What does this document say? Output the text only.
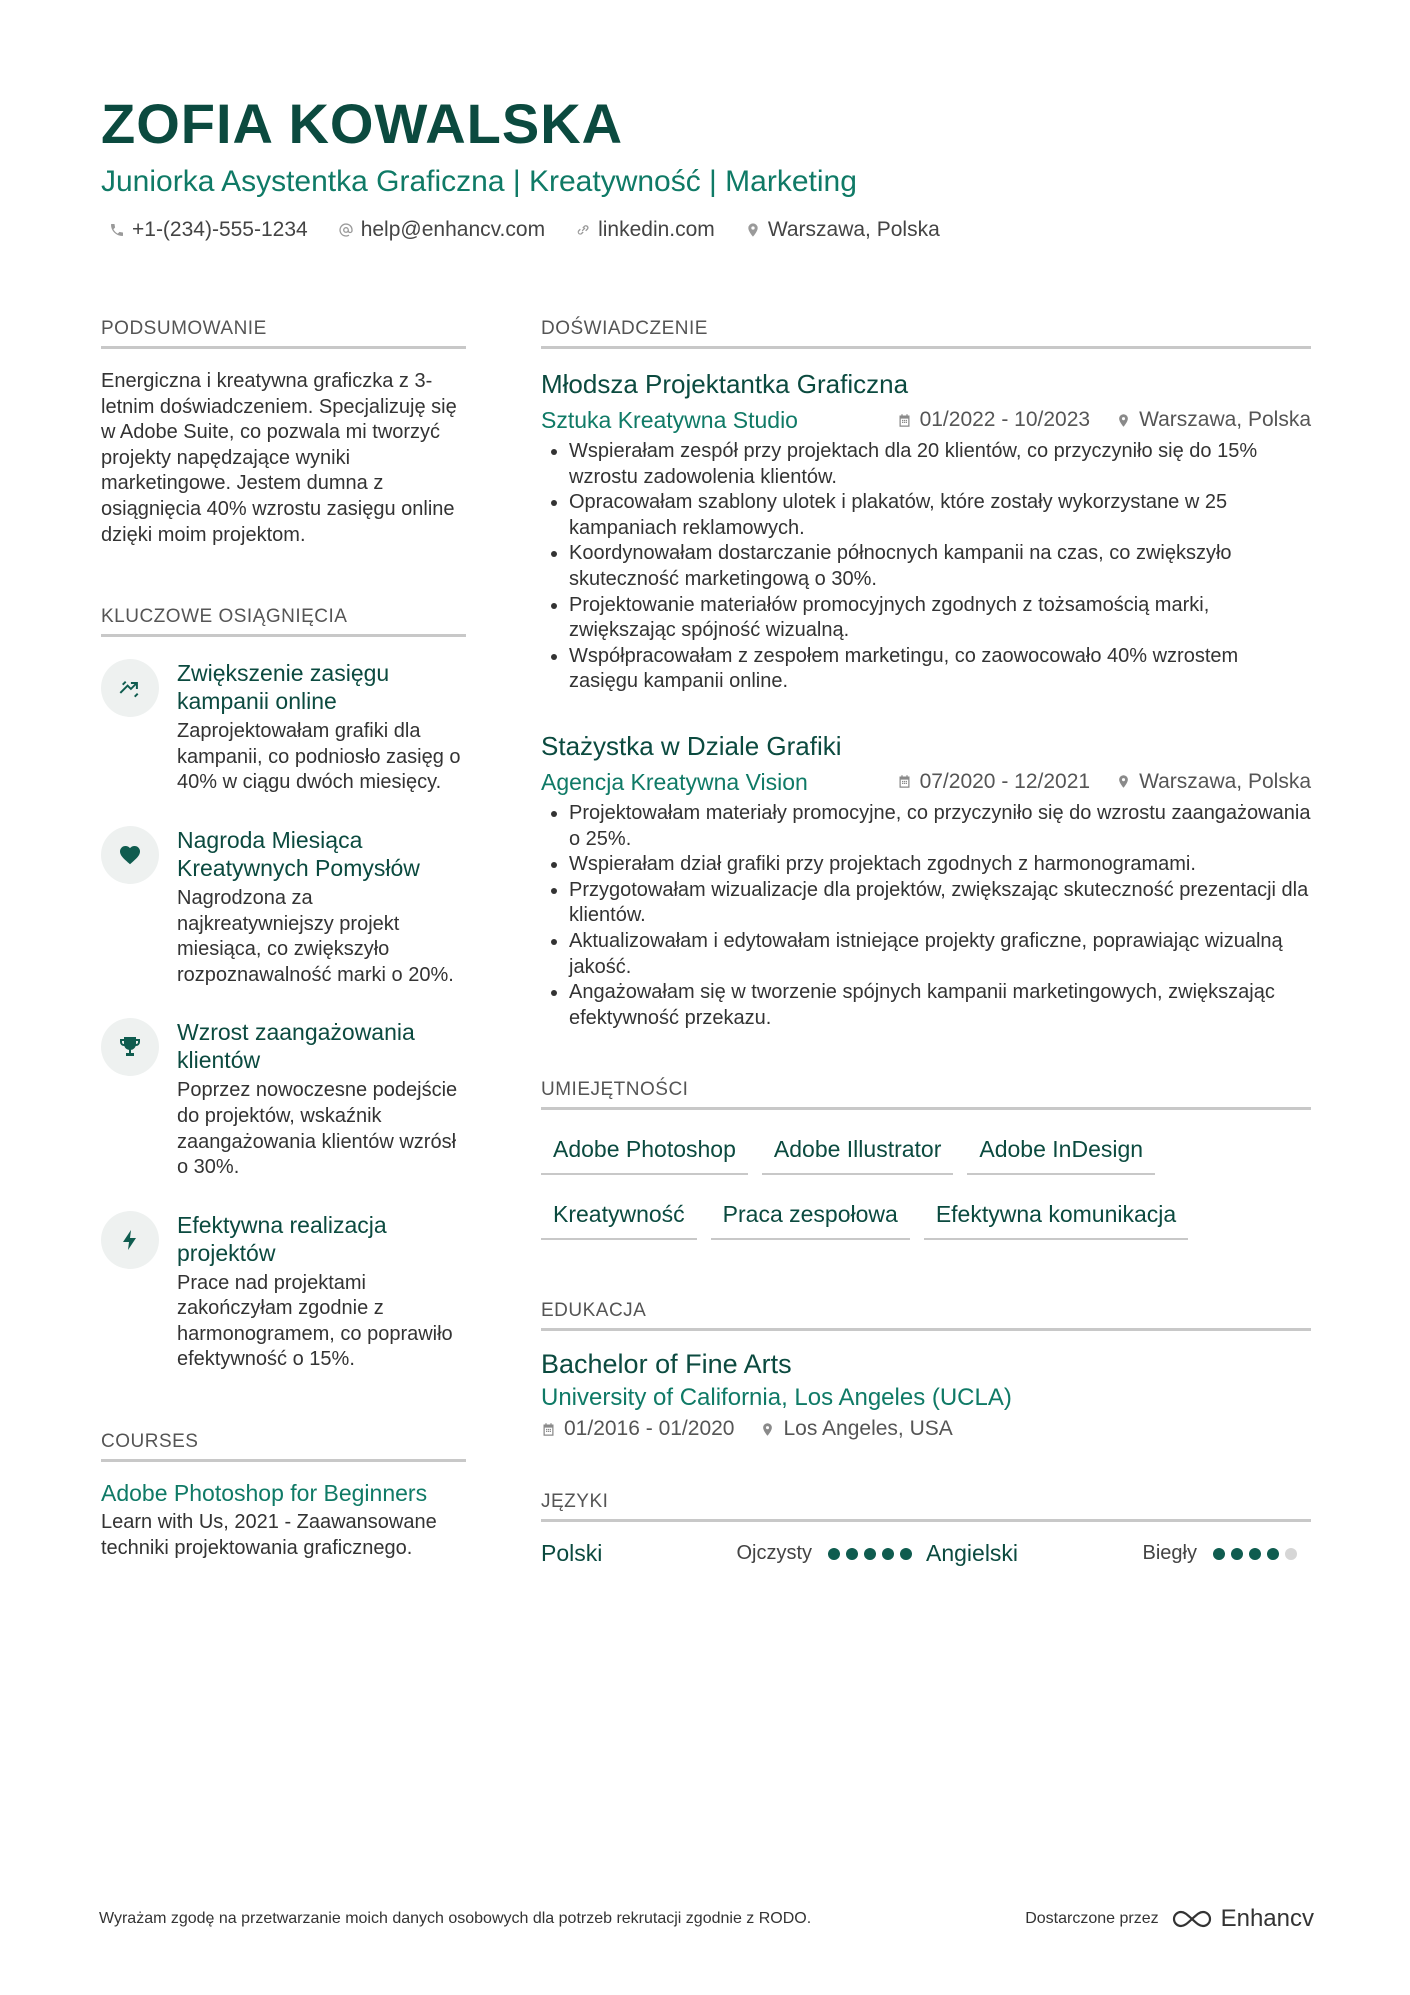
ZOFIA KOWALSKA
Juniorka Asystentka Graficzna | Kreatywność | Marketing
+1-(234)-555-1234	help@enhancv.com	linkedin.com	Warszawa, Polska
PODSUMOWANIE
Energiczna i kreatywna graficzka z 3-letnim doświadczeniem. Specjalizuję się w Adobe Suite, co pozwala mi tworzyć projekty napędzające wyniki marketingowe. Jestem dumna z osiągnięcia 40% wzrostu zasięgu online dzięki moim projektom.
KLUCZOWE OSIĄGNIĘCIA
Zwiększenie zasięgu kampanii online
Zaprojektowałam grafiki dla kampanii, co podniosło zasięg o 40% w ciągu dwóch miesięcy.
Nagroda Miesiąca Kreatywnych Pomysłów
Nagrodzona za najkreatywniejszy projekt miesiąca, co zwiększyło rozpoznawalność marki o 20%.
Wzrost zaangażowania klientów
Poprzez nowoczesne podejście do projektów, wskaźnik zaangażowania klientów wzrósł o 30%.
Efektywna realizacja projektów
Prace nad projektami zakończyłam zgodnie z harmonogramem, co poprawiło efektywność o 15%.
COURSES
Adobe Photoshop for Beginners
Learn with Us, 2021 - Zaawansowane techniki projektowania graficznego.
DOŚWIADCZENIE
Młodsza Projektantka Graficzna
Sztuka Kreatywna Studio	01/2022 - 10/2023 Warszawa, Polska
• Wspierałam zespół przy projektach dla 20 klientów, co przyczyniło się do 15% wzrostu zadowolenia klientów.
• Opracowałam szablony ulotek i plakatów, które zostały wykorzystane w 25 kampaniach reklamowych.
• Koordynowałam dostarczanie północnych kampanii na czas, co zwiększyło skuteczność marketingową o 30%.
• Projektowanie materiałów promocyjnych zgodnych z tożsamością marki, zwiększając spójność wizualną.
• Współpracowałam z zespołem marketingu, co zaowocowało 40% wzrostem zasięgu kampanii online.
Stażystka w Dziale Grafiki
Agencja Kreatywna Vision	07/2020 - 12/2021 Warszawa, Polska
• Projektowałam materiały promocyjne, co przyczyniło się do wzrostu zaangażowania o 25%.
• Wspierałam dział grafiki przy projektach zgodnych z harmonogramami.
• Przygotowałam wizualizacje dla projektów, zwiększając skuteczność prezentacji dla klientów.
• Aktualizowałam i edytowałam istniejące projekty graficzne, poprawiając wizualną jakość.
• Angażowałam się w tworzenie spójnych kampanii marketingowych, zwiększając efektywność przekazu.
UMIEJĘTNOŚCI
Adobe Photoshop	Adobe Illustrator	Adobe InDesign
Kreatywność	Praca zespołowa	Efektywna komunikacja
EDUKACJA
Bachelor of Fine Arts
University of California, Los Angeles (UCLA)
01/2016 - 01/2020 Los Angeles, USA
JĘZYKI
Polski	Ojczysty	Angielski	Biegły
Wyrażam zgodę na przetwarzanie moich danych osobowych dla potrzeb rekrutacji zgodnie z RODO.	Dostarczone przez	Enhancv
